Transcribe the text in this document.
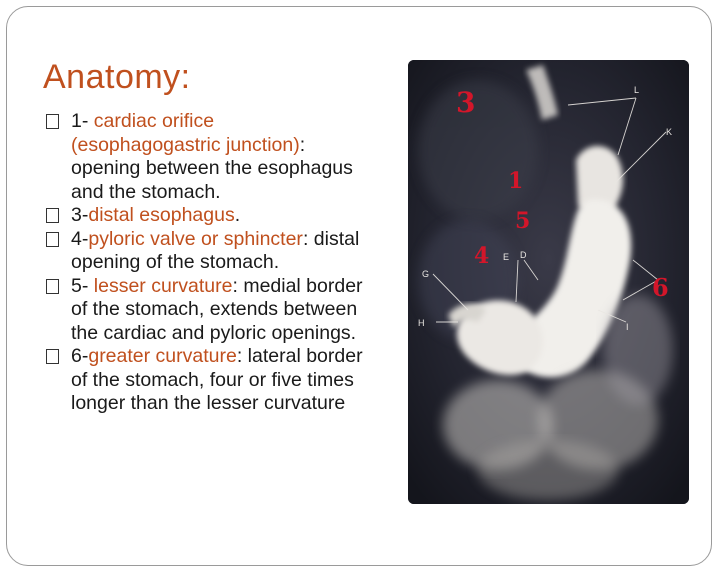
Anatomy:
1- cardiac orifice (esophagogastric junction): opening between the esophagus and the stomach.
3-distal esophagus.
4-pyloric valve or sphincter: distal opening of the stomach.
5- lesser curvature: medial border of the stomach, extends between the cardiac and pyloric openings.
6-greater curvature: lateral border of the stomach, four or five times longer than the lesser curvature
L
K
E D
G
H	I
3
1
5
4
6
